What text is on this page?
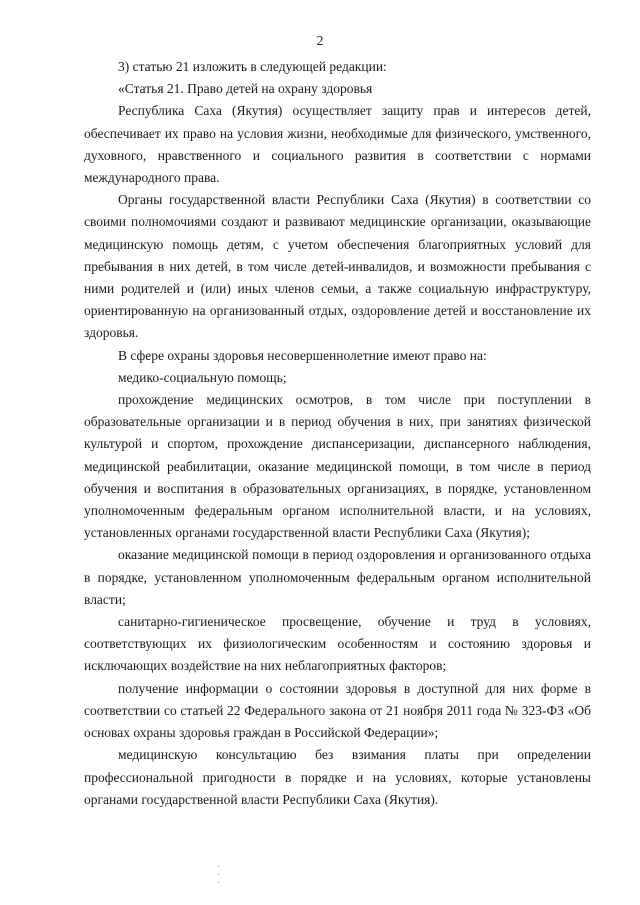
2

3) статью 21 изложить в следующей редакции:

«Статья 21. Право детей на охрану здоровья

Республика Саха (Якутия) осуществляет защиту прав и интересов детей, обеспечивает их право на условия жизни, необходимые для физического, умственного, духовного, нравственного и социального развития в соответствии с нормами международного права.

Органы государственной власти Республики Саха (Якутия) в соответствии со своими полномочиями создают и развивают медицинские организации, оказывающие медицинскую помощь детям, с учетом обеспечения благоприятных условий для пребывания в них детей, в том числе детей-инвалидов, и возможности пребывания с ними родителей и (или) иных членов семьи, а также социальную инфраструктуру, ориентированную на организованный отдых, оздоровление детей и восстановление их здоровья.

В сфере охраны здоровья несовершеннолетние имеют право на:

медико-социальную помощь;

прохождение медицинских осмотров, в том числе при поступлении в образовательные организации и в период обучения в них, при занятиях физической культурой и спортом, прохождение диспансеризации, диспансерного наблюдения, медицинской реабилитации, оказание медицинской помощи, в том числе в период обучения и воспитания в образовательных организациях, в порядке, установленном уполномоченным федеральным органом исполнительной власти, и на условиях, установленных органами государственной власти Республики Саха (Якутия);

оказание медицинской помощи в период оздоровления и организованного отдыха в порядке, установленном уполномоченным федеральным органом исполнительной власти;

санитарно-гигиеническое просвещение, обучение и труд в условиях, соответствующих их физиологическим особенностям и состоянию здоровья и исключающих воздействие на них неблагоприятных факторов;

получение информации о состоянии здоровья в доступной для них форме в соответствии со статьей 22 Федерального закона от 21 ноября 2011 года № 323-ФЗ «Об основах охраны здоровья граждан в Российской Федерации»;

медицинскую консультацию без взимания платы при определении профессиональной пригодности в порядке и на условиях, которые установлены органами государственной власти Республики Саха (Якутия).
